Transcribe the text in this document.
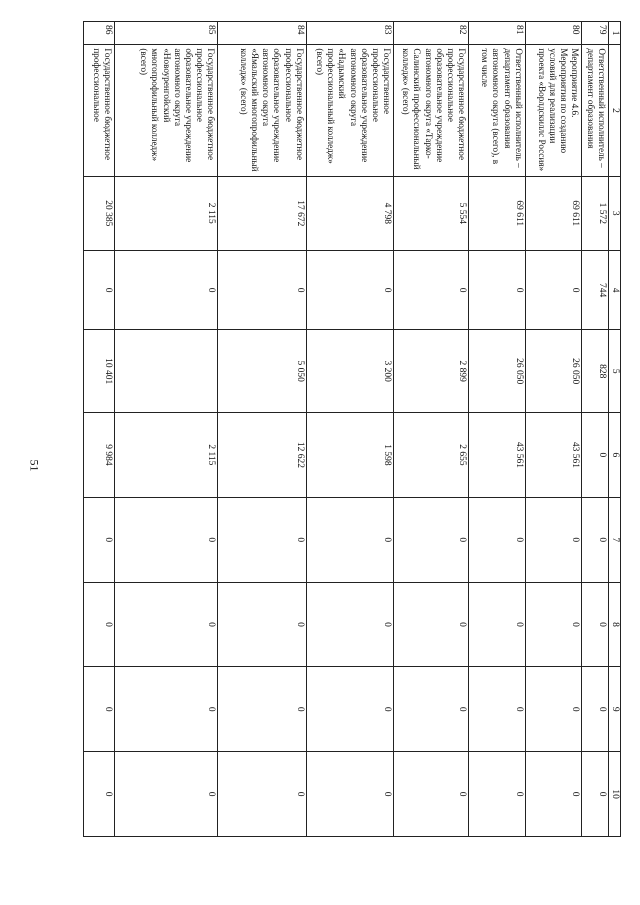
51
1	2	3	4	5	6	7	8	9	10
79	Ответственный исполнитель – департамент образования	1 572	744	828	0	0	0	0	0
80	Мероприятие 4.6. Мероприятия по созданию условий для реализации проекта «Ворлдскиллс Россия»	69 611	0	26 050	43 561	0	0	0	0
81	Ответственный исполнитель – департамент образования автономного округа (всего), в том числе	69 611	0	26 050	43 561	0	0	0	0
82	Государственное бюджетное профессиональное образовательное учреждение автономного округа «Тарко-Салинский профессиональный колледж» (всего)	5 554	0	2 899	2 655	0	0	0	0
83	Государственное профессиональное образовательное учреждение автономного округа «Надымский профессиональный колледж» (всего)	4 798	0	3 200	1 598	0	0	0	0
84	Государственное бюджетное профессиональное образовательное учреждение автономного округа «Ямальский многопрофильный колледж» (всего)	17 672	0	5 050	12 622	0	0	0	0
85	Государственное бюджетное профессиональное образовательное учреждение автономного округа «Новоуренгойский многопрофильный колледж» (всего)	2 115	0		2 115	0	0	0	0
86	Государственное бюджетное профессиональное	20 385	0	10 401	9 984	0	0	0	0
